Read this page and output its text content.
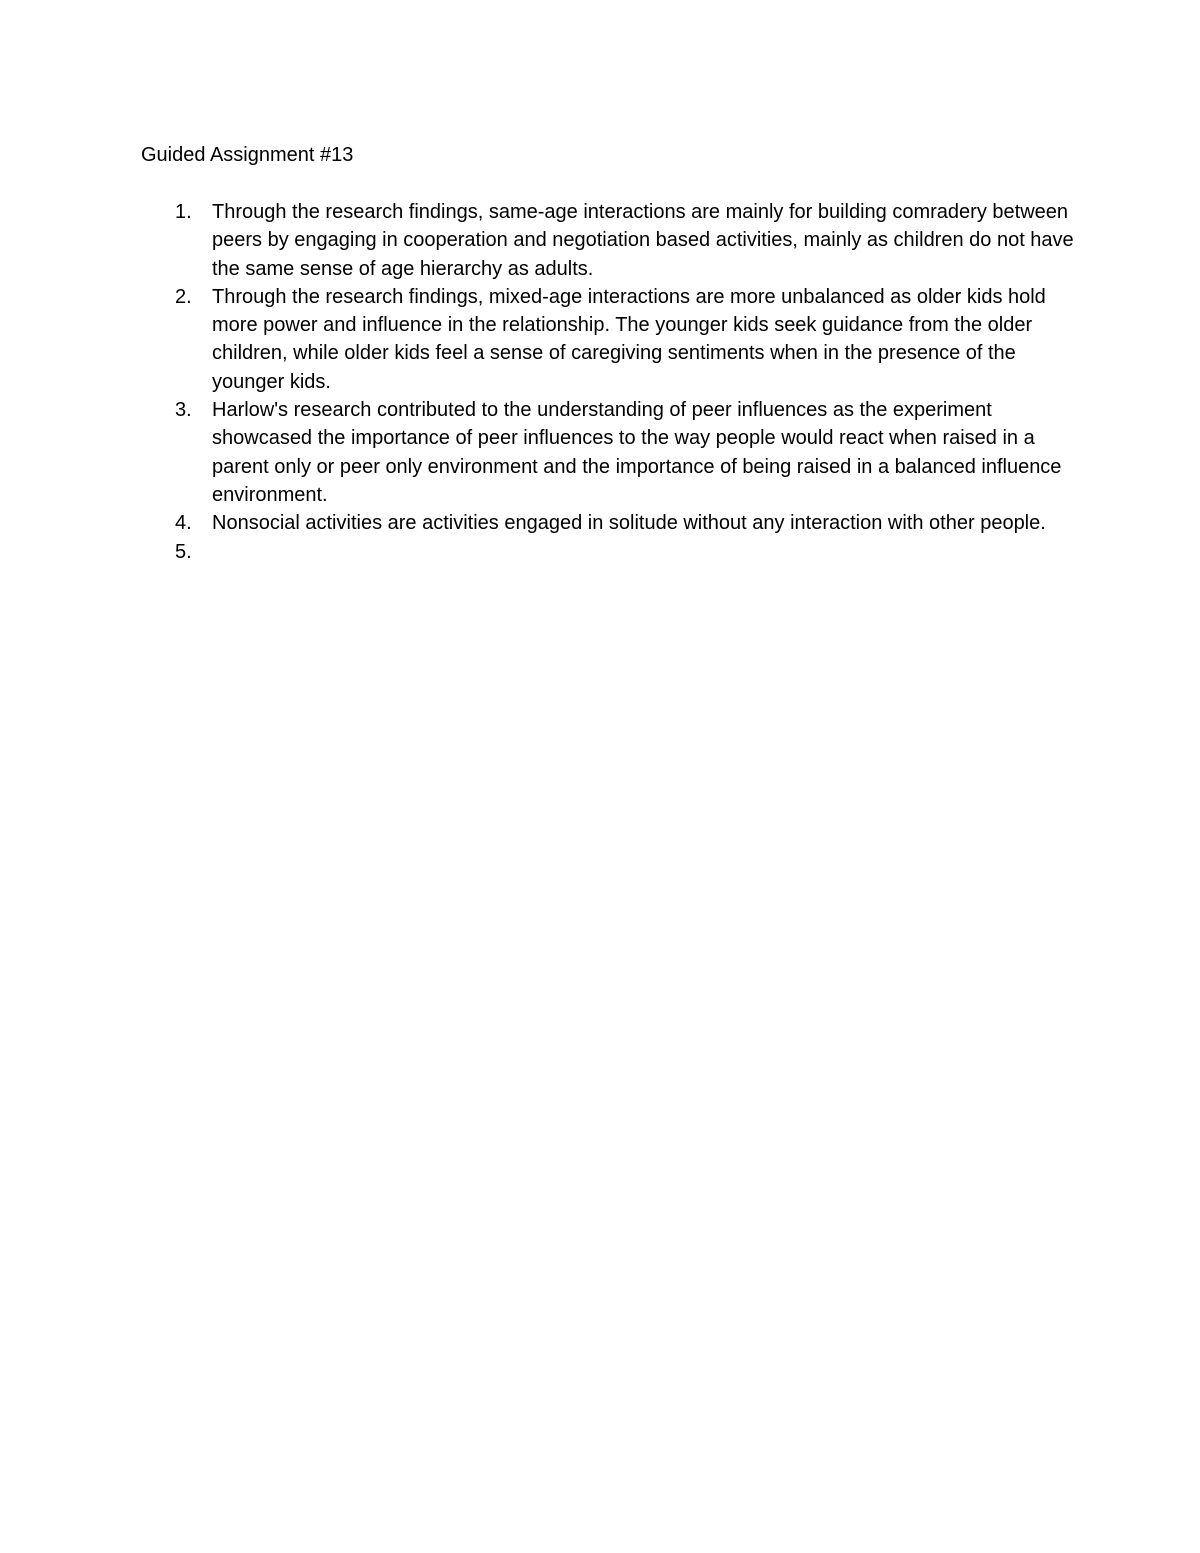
Guided Assignment #13
1.	Through the research findings, same-age interactions are mainly for building comradery between peers by engaging in cooperation and negotiation based activities, mainly as children do not have the same sense of age hierarchy as adults.
2.	Through the research findings, mixed-age interactions are more unbalanced as older kids hold more power and influence in the relationship. The younger kids seek guidance from the older children, while older kids feel a sense of caregiving sentiments when in the presence of the younger kids.
3.	Harlow's research contributed to the understanding of peer influences as the experiment showcased the importance of peer influences to the way people would react when raised in a parent only or peer only environment and the importance of being raised in a balanced influence environment.
4.	Nonsocial activities are activities engaged in solitude without any interaction with other people.
5.
